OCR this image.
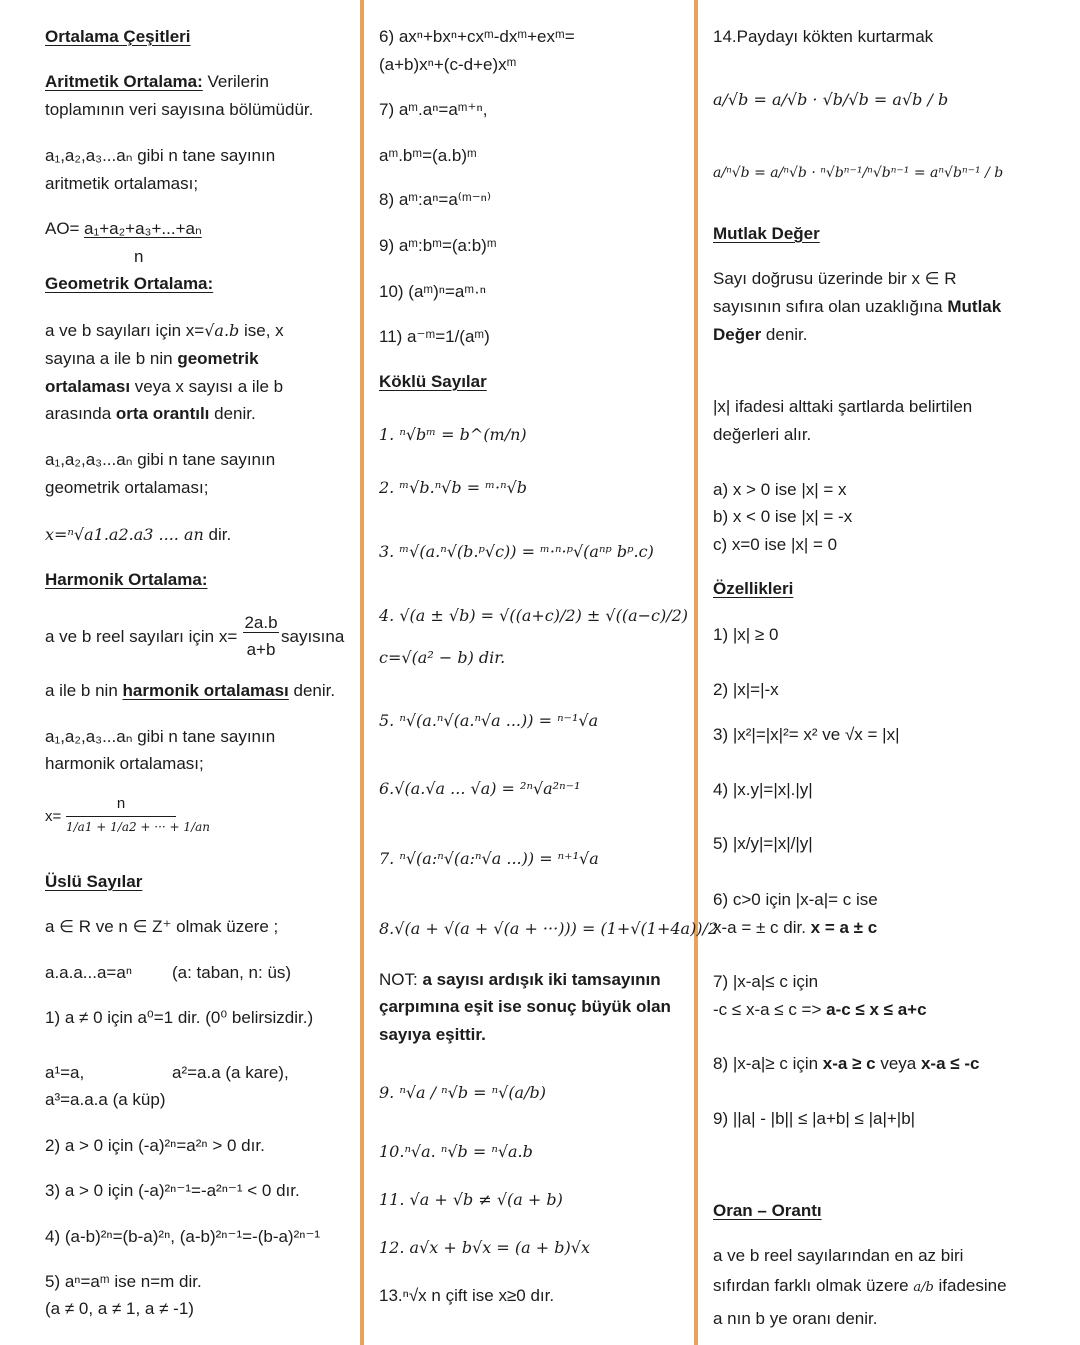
Ortalama Çeşitleri
Aritmetik Ortalama: Verilerin
toplamının veri sayısına bölümüdür.
a₁,a₂,a₃...aₙ gibi n tane sayının
aritmetik ortalaması;
AO= a₁+a₂+a₃+...+aₙ
n
Geometrik Ortalama:
a ve b sayıları için x=√a.b ise, x
sayına a ile b nin geometrik
ortalaması veya x sayısı a ile b
arasında orta orantılı denir.
a₁,a₂,a₃...aₙ gibi n tane sayının
geometrik ortalaması;
x=ⁿ√a1.a2.a3 .... an dir.
Harmonik Ortalama:
a ve b reel sayıları için x=
2a.b
a+b
sayısına
a ile b nin harmonik ortalaması denir.
a₁,a₂,a₃...aₙ gibi n tane sayının
harmonik ortalaması;
x=
n
1/a1 + 1/a2 + ··· + 1/an
Üslü Sayılar
a ∈ R ve n ∈ Z⁺ olmak üzere ;
a.a.a...a=aⁿ (a: taban, n: üs)
1) a ≠ 0 için a⁰=1 dir. (0⁰ belirsizdir.)
a¹=a,	a²=a.a (a kare),
a³=a.a.a (a küp)
2) a > 0 için (-a)²ⁿ=a²ⁿ > 0 dır.
3) a > 0 için (-a)²ⁿ⁻¹=-a²ⁿ⁻¹ < 0 dır.
4) (a-b)²ⁿ=(b-a)²ⁿ, (a-b)²ⁿ⁻¹=-(b-a)²ⁿ⁻¹
5) aⁿ=aᵐ ise n=m dir.
(a ≠ 0, a ≠ 1, a ≠ -1)
6) axⁿ+bxⁿ+cxᵐ-dxᵐ+exᵐ=
(a+b)xⁿ+(c-d+e)xᵐ
7) aᵐ.aⁿ=aᵐ⁺ⁿ,
aᵐ.bᵐ=(a.b)ᵐ
8) aᵐ:aⁿ=a⁽ᵐ⁻ⁿ⁾
9) aᵐ:bᵐ=(a:b)ᵐ
10) (aᵐ)ⁿ=aᵐ·ⁿ
11) a⁻ᵐ=1/(aᵐ)
Köklü Sayılar
1. ⁿ√bᵐ = b^(m/n)
2. ᵐ√b.ⁿ√b = ᵐ·ⁿ√b
3. ᵐ√(a.ⁿ√(b.ᵖ√c)) = ᵐ·ⁿ·ᵖ√(aⁿᵖ bᵖ.c)
4. √(a ± √b) = √((a+c)/2) ± √((a−c)/2)
c=√(a² − b) dir.
5. ⁿ√(a.ⁿ√(a.ⁿ√a ...)) = ⁿ⁻¹√a
6.√(a.√a ... √a) = ²ⁿ√a²ⁿ⁻¹
7. ⁿ√(a:ⁿ√(a:ⁿ√a ...)) = ⁿ⁺¹√a
8.√(a + √(a + √(a + ···))) = (1+√(1+4a))/2
NOT: a sayısı ardışık iki tamsayının
çarpımına eşit ise sonuç büyük olan
sayıya eşittir.
9. ⁿ√a / ⁿ√b = ⁿ√(a/b)
10.ⁿ√a. ⁿ√b = ⁿ√a.b
11. √a + √b ≠ √(a + b)
12. a√x + b√x = (a + b)√x
13.ⁿ√x n çift ise x≥0 dır.
14.Paydayı kökten kurtarmak
a/√b = a/√b · √b/√b = a√b / b
a/ⁿ√b = a/ⁿ√b · ⁿ√bⁿ⁻¹/ⁿ√bⁿ⁻¹ = aⁿ√bⁿ⁻¹ / b
Mutlak Değer
Sayı doğrusu üzerinde bir x ∈ R
sayısının sıfıra olan uzaklığına Mutlak
Değer denir.
|x| ifadesi alttaki şartlarda belirtilen
değerleri alır.
a) x > 0 ise |x| = x
b) x < 0 ise |x| = -x
c) x=0 ise |x| = 0
Özellikleri
1) |x| ≥ 0
2) |x|=|-x
3) |x²|=|x|²= x² ve √x = |x|
4) |x.y|=|x|.|y|
5) |x/y|=|x|/|y|
6) c>0 için |x-a|= c ise
x-a = ± c dir. x = a ± c
7) |x-a|≤ c için
-c ≤ x-a ≤ c => a-c ≤ x ≤ a+c
8) |x-a|≥ c için x-a ≥ c veya x-a ≤ -c
9) ||a| - |b|| ≤ |a+b| ≤ |a|+|b|
Oran – Orantı
a ve b reel sayılarından en az biri
sıfırdan farklı olmak üzere a/b ifadesine
a nın b ye oranı denir.
